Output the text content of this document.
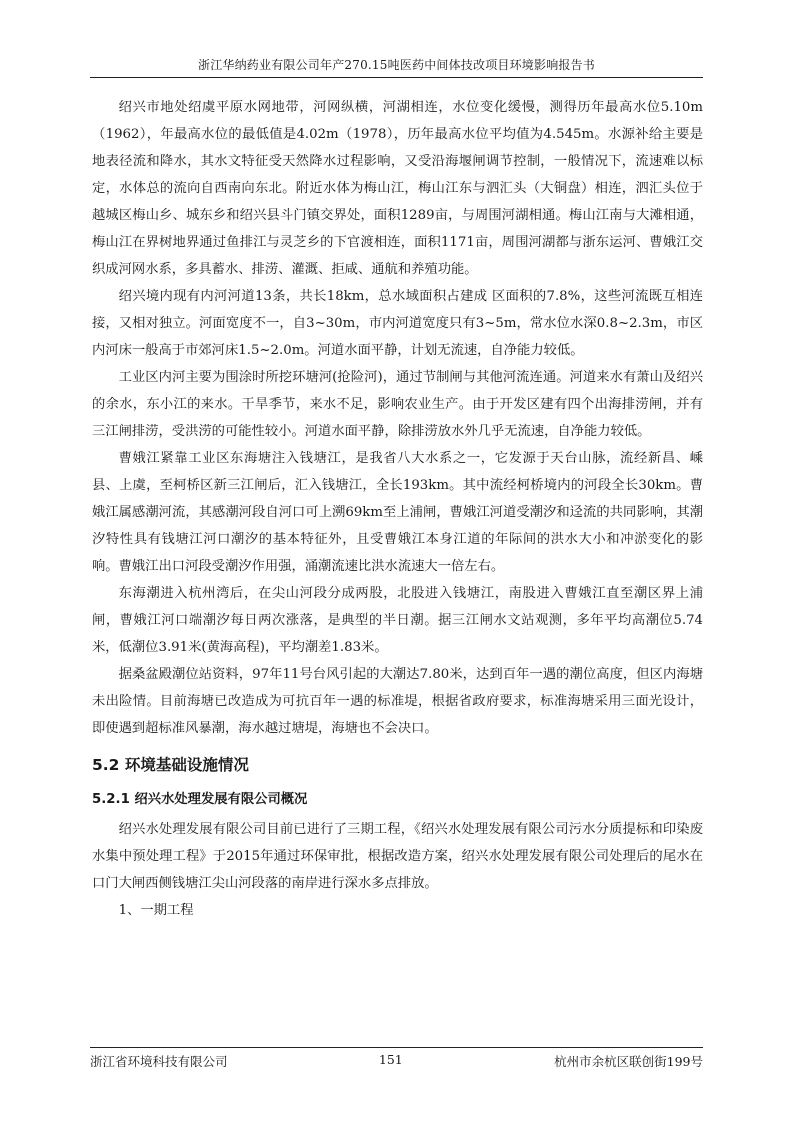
浙江华纳药业有限公司年产270.15吨医药中间体技改项目环境影响报告书

绍兴市地处绍虞平原水网地带，河网纵横，河湖相连，水位变化缓慢，测得历年最高水位5.10m（1962），年最高水位的最低值是4.02m（1978），历年最高水位平均值为4.545m。水源补给主要是地表径流和降水，其水文特征受天然降水过程影响，又受沿海堰闸调节控制，一般情况下，流速难以标定，水体总的流向自西南向东北。附近水体为梅山江，梅山江东与泗汇头（大铜盘）相连，泗汇头位于越城区梅山乡、城东乡和绍兴县斗门镇交界处，面积1289亩，与周围河湖相通。梅山江南与大滩相通，梅山江在界树地界通过鱼排江与灵芝乡的下官渡相连，面积1171亩，周围河湖都与浙东运河、曹娥江交织成河网水系，多具蓄水、排涝、灌溉、拒咸、通航和养殖功能。

绍兴境内现有内河河道13条，共长18km，总水域面积占建成 区面积的7.8%，这些河流既互相连接，又相对独立。河面宽度不一，自3~30m，市内河道宽度只有3~5m，常水位水深0.8~2.3m，市区内河床一般高于市郊河床1.5~2.0m。河道水面平静，计划无流速，自净能力较低。

工业区内河主要为围涂时所挖环塘河(抢险河)，通过节制闸与其他河流连通。河道来水有萧山及绍兴的余水，东小江的来水。干旱季节，来水不足，影响农业生产。由于开发区建有四个出海排涝闸，并有三江闸排涝，受洪涝的可能性较小。河道水面平静，除排涝放水外几乎无流速，自净能力较低。

曹娥江紧靠工业区东海塘注入钱塘江，是我省八大水系之一，它发源于天台山脉，流经新昌、嵊县、上虞，至柯桥区新三江闸后，汇入钱塘江，全长193km。其中流经柯桥境内的河段全长30km。曹娥江属感潮河流，其感潮河段自河口可上溯69km至上浦闸，曹娥江河道受潮汐和迳流的共同影响，其潮汐特性具有钱塘江河口潮汐的基本特征外，且受曹娥江本身江道的年际间的洪水大小和冲淤变化的影响。曹娥江出口河段受潮汐作用强，涌潮流速比洪水流速大一倍左右。

东海潮进入杭州湾后，在尖山河段分成两股，北股进入钱塘江，南股进入曹娥江直至潮区界上浦闸，曹娥江河口端潮汐每日两次涨落，是典型的半日潮。据三江闸水文站观测，多年平均高潮位5.74米，低潮位3.91米(黄海高程)，平均潮差1.83米。

据桑盆殿潮位站资料，97年11号台风引起的大潮达7.80米，达到百年一遇的潮位高度，但区内海塘未出险情。目前海塘已改造成为可抗百年一遇的标准堤，根据省政府要求，标准海塘采用三面光设计，即使遇到超标准风暴潮，海水越过塘堤，海塘也不会决口。

5.2 环境基础设施情况
5.2.1 绍兴水处理发展有限公司概况

绍兴水处理发展有限公司目前已进行了三期工程，《绍兴水处理发展有限公司污水分质提标和印染废水集中预处理工程》于2015年通过环保审批，根据改造方案，绍兴水处理发展有限公司处理后的尾水在口门大闸西侧钱塘江尖山河段落的南岸进行深水多点排放。

1、一期工程

浙江省环境科技有限公司	151	杭州市余杭区联创街199号
